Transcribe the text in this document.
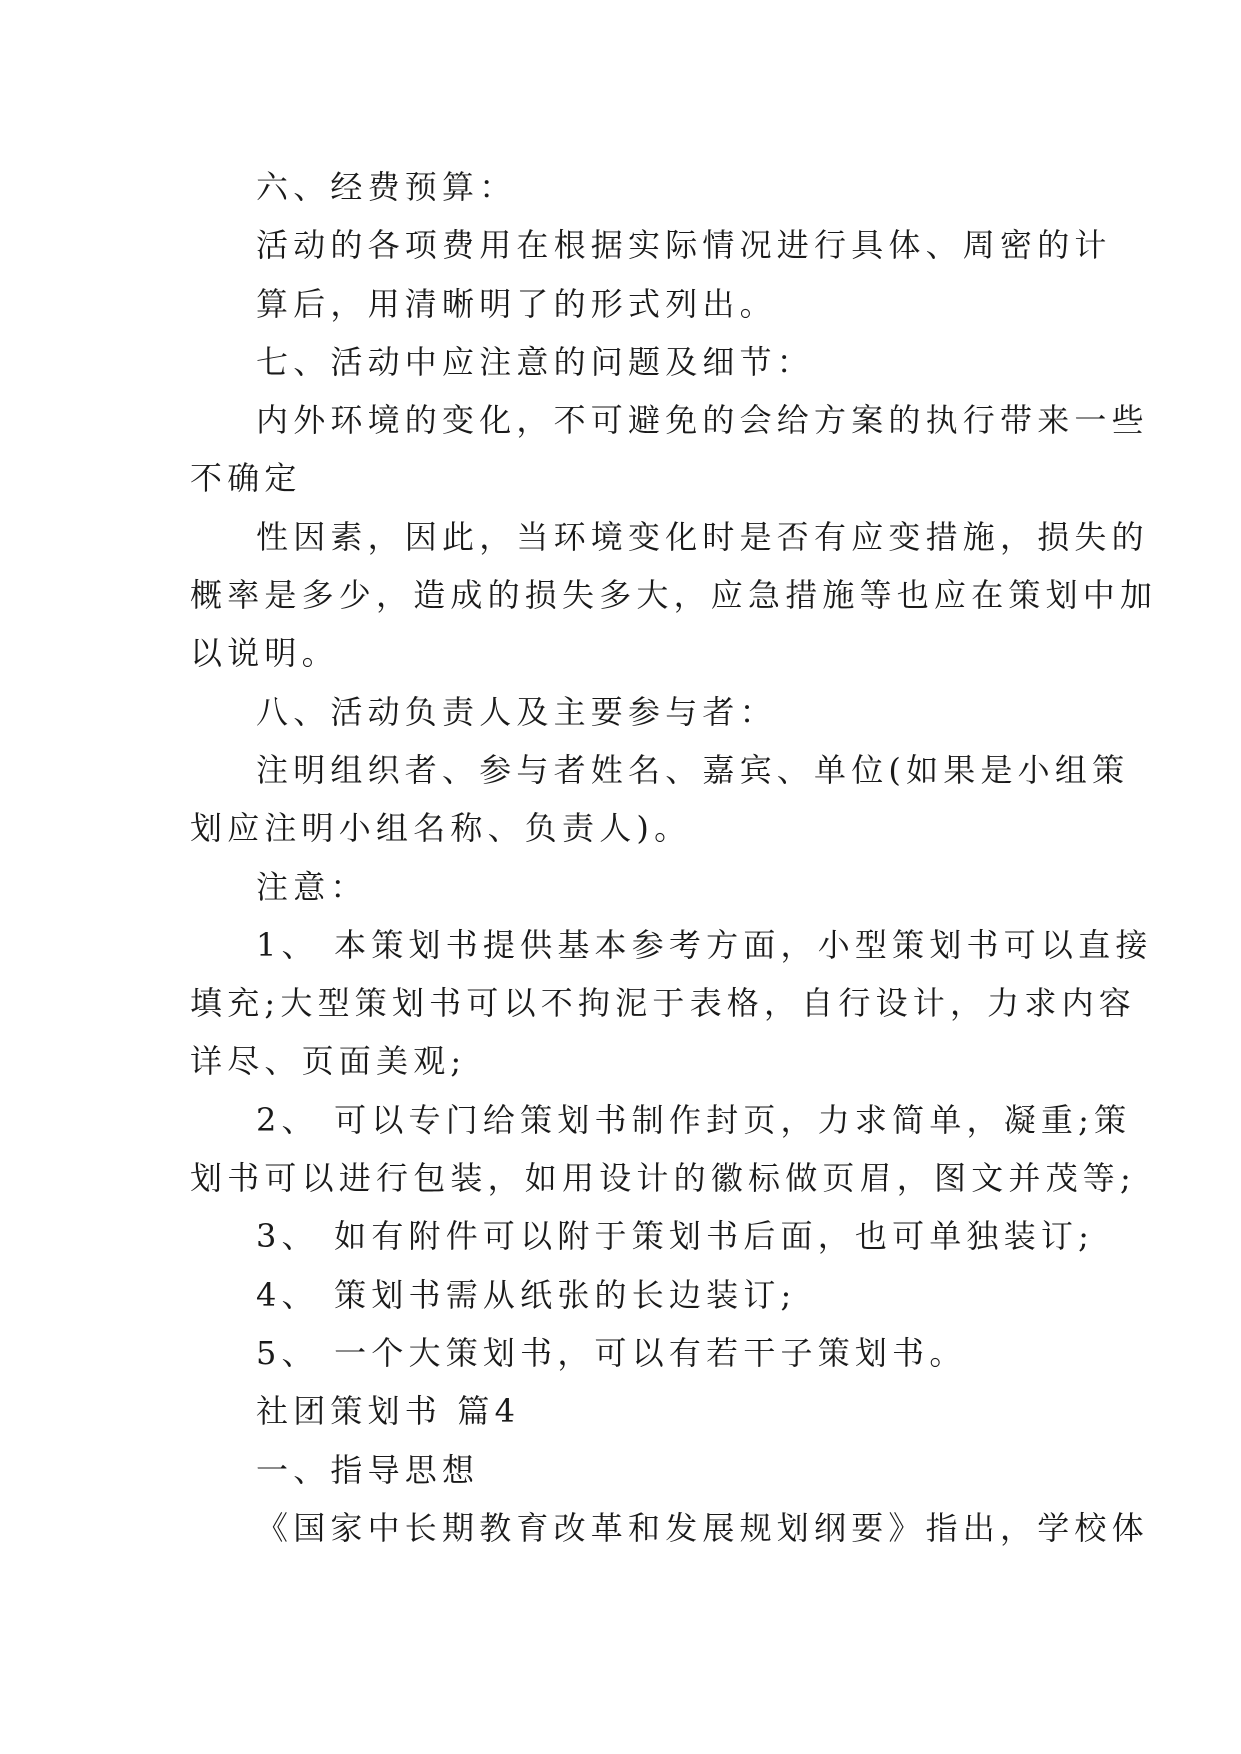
六、经费预算：
活动的各项费用在根据实际情况进行具体、周密的计
算后，用清晰明了的形式列出。
七、活动中应注意的问题及细节：
内外环境的变化，不可避免的会给方案的执行带来一些
不确定
性因素，因此，当环境变化时是否有应变措施，损失的
概率是多少，造成的损失多大，应急措施等也应在策划中加
以说明。
八、活动负责人及主要参与者：
注明组织者、参与者姓名、嘉宾、单位(如果是小组策
划应注明小组名称、负责人)。
注意：
1、 本策划书提供基本参考方面，小型策划书可以直接
填充;大型策划书可以不拘泥于表格，自行设计，力求内容
详尽、页面美观;
2、 可以专门给策划书制作封页，力求简单，凝重;策
划书可以进行包装，如用设计的徽标做页眉，图文并茂等;
3、 如有附件可以附于策划书后面，也可单独装订;
4、 策划书需从纸张的长边装订;
5、 一个大策划书，可以有若干子策划书。
社团策划书 篇4
一、指导思想
《国家中长期教育改革和发展规划纲要》指出，学校体
